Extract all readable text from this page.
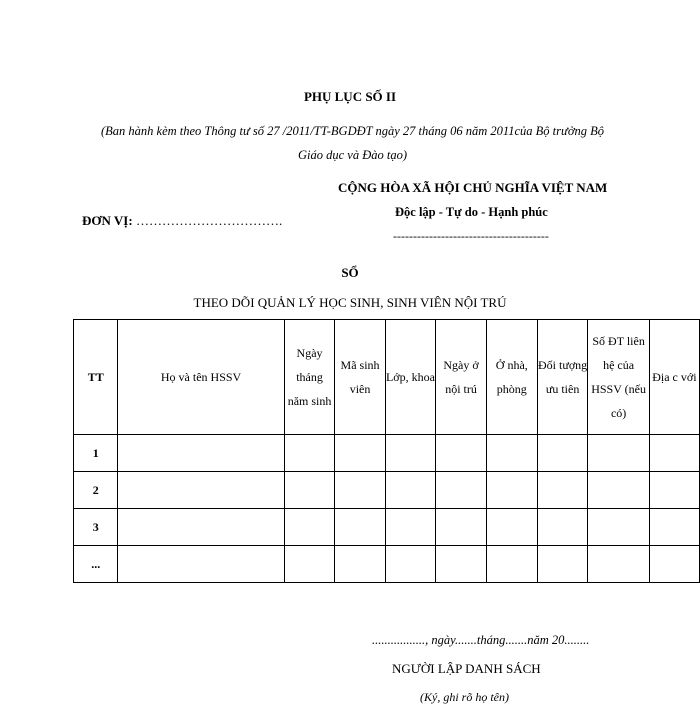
PHỤ LỤC SỐ II
(Ban hành kèm theo Thông tư số 27 /2011/TT-BGDĐT ngày 27 tháng 06 năm 2011của Bộ trưởng Bộ Giáo dục và Đào tạo)
CỘNG HÒA XÃ HỘI CHỦ NGHĨA VIỆT NAM
Độc lập - Tự do - Hạnh phúc
---------------------------------------
ĐƠN VỊ: …………………………….
SỔ
THEO DÕI QUẢN LÝ HỌC SINH, SINH VIÊN NỘI TRÚ
TT	Họ và tên HSSV	Ngày tháng năm sinh	Mã sinh viên	Lớp, khoa	Ngày ở nội trú	Ở nhà, phòng	Đối tượng ưu tiên	Số ĐT liên hệ của HSSV (nếu có)	Địa c với
1									
2									
3									
...									
................., ngày.......tháng.......năm 20........
NGƯỜI LẬP DANH SÁCH
(Ký, ghi rõ họ tên)
